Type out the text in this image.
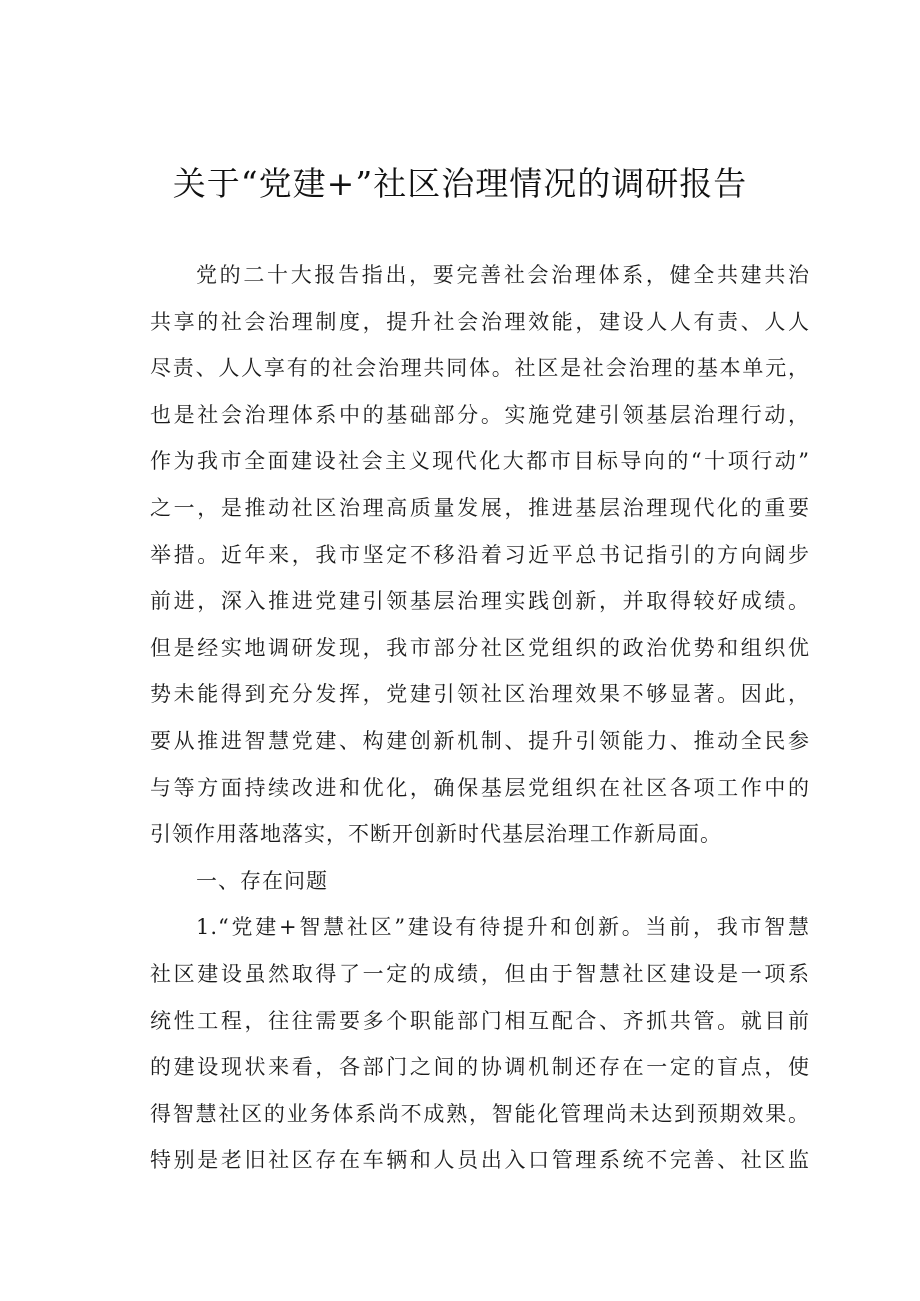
关于“党建+”社区治理情况的调研报告
党的二十大报告指出，要完善社会治理体系，健全共建共治
共享的社会治理制度，提升社会治理效能，建设人人有责、人人
尽责、人人享有的社会治理共同体。社区是社会治理的基本单元，
也是社会治理体系中的基础部分。实施党建引领基层治理行动，
作为我市全面建设社会主义现代化大都市目标导向的“十项行动”
之一，是推动社区治理高质量发展，推进基层治理现代化的重要
举措。近年来，我市坚定不移沿着习近平总书记指引的方向阔步
前进，深入推进党建引领基层治理实践创新，并取得较好成绩。
但是经实地调研发现，我市部分社区党组织的政治优势和组织优
势未能得到充分发挥，党建引领社区治理效果不够显著。因此，
要从推进智慧党建、构建创新机制、提升引领能力、推动全民参
与等方面持续改进和优化，确保基层党组织在社区各项工作中的
引领作用落地落实，不断开创新时代基层治理工作新局面。
一、存在问题
1.“党建+智慧社区”建设有待提升和创新。当前，我市智慧
社区建设虽然取得了一定的成绩，但由于智慧社区建设是一项系
统性工程，往往需要多个职能部门相互配合、齐抓共管。就目前
的建设现状来看，各部门之间的协调机制还存在一定的盲点，使
得智慧社区的业务体系尚不成熟，智能化管理尚未达到预期效果。
特别是老旧社区存在车辆和人员出入口管理系统不完善、社区监
